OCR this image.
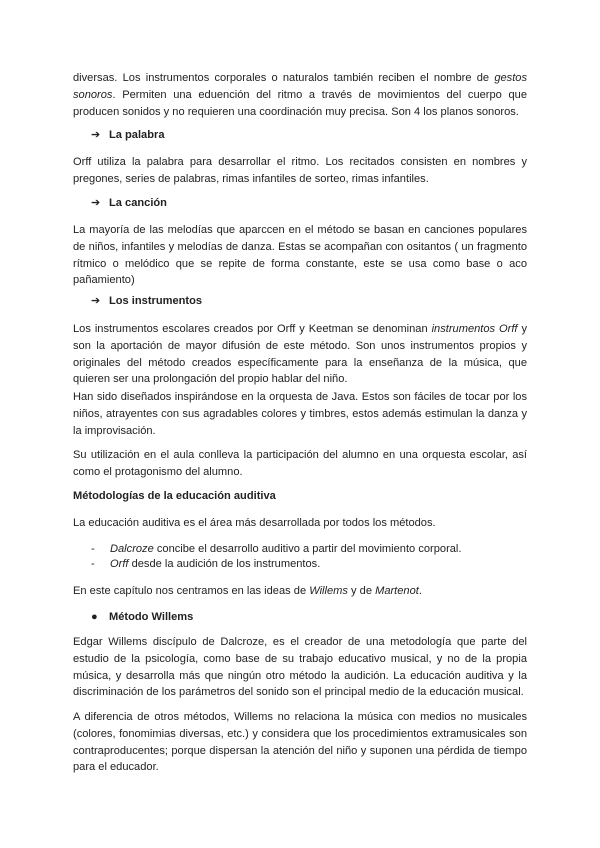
diversas. Los instrumentos corporales o naturalos también reciben el nombre de gestos sonoros. Permiten una eduención del ritmo a través de movimientos del cuerpo que producen sonidos y no requieren una coordinación muy precisa. Son 4 los planos sonoros.

➔ La palabra

Orff utiliza la palabra para desarrollar el ritmo. Los recitados consisten en nombres y pregones, series de palabras, rimas infantiles de sorteo, rimas infantiles.

➔ La canción

La mayoría de las melodías que aparccen en el método se basan en canciones populares de niños, infantiles y melodías de danza. Estas se acompañan con ositantos ( un fragmento rítmico o melódico que se repite de forma constante, este se usa como base o aco pañamiento)

➔ Los instrumentos

Los instrumentos escolares creados por Orff y Keetman se denominan instrumentos Orff y son la aportación de mayor difusión de este método. Son unos instrumentos propios y originales del método creados específicamente para la enseñanza de la música, que quieren ser una prolongación del propio hablar del niño.

Han sido diseñados inspirándose en la orquesta de Java. Estos son fáciles de tocar por los niños, atrayentes con sus agradables colores y timbres, estos además estimulan la danza y la improvisación.

Su utilización en el aula conlleva la participación del alumno en una orquesta escolar, así como el protagonismo del alumno.

Métodologías de la educación auditiva

La educación auditiva es el área más desarrollada por todos los métodos.

- Dalcroze concibe el desarrollo auditivo a partir del movimiento corporal.

- Orff desde la audición de los instrumentos.

En este capítulo nos centramos en las ideas de Willems y de Martenot.

● Método Willems

Edgar Willems discípulo de Dalcroze, es el creador de una metodología que parte del estudio de la psicología, como base de su trabajo educativo musical, y no de la propia música, y desarrolla más que ningún otro método la audición. La educación auditiva y la discriminación de los parámetros del sonido son el principal medio de la educación musical.

A diferencia de otros métodos, Willems no relaciona la música con medios no musicales (colores, fonomimias diversas, etc.) y considera que los procedimientos extramusicales son contraproducentes; porque dispersan la atención del niño y suponen una pérdida de tiempo para el educador.
